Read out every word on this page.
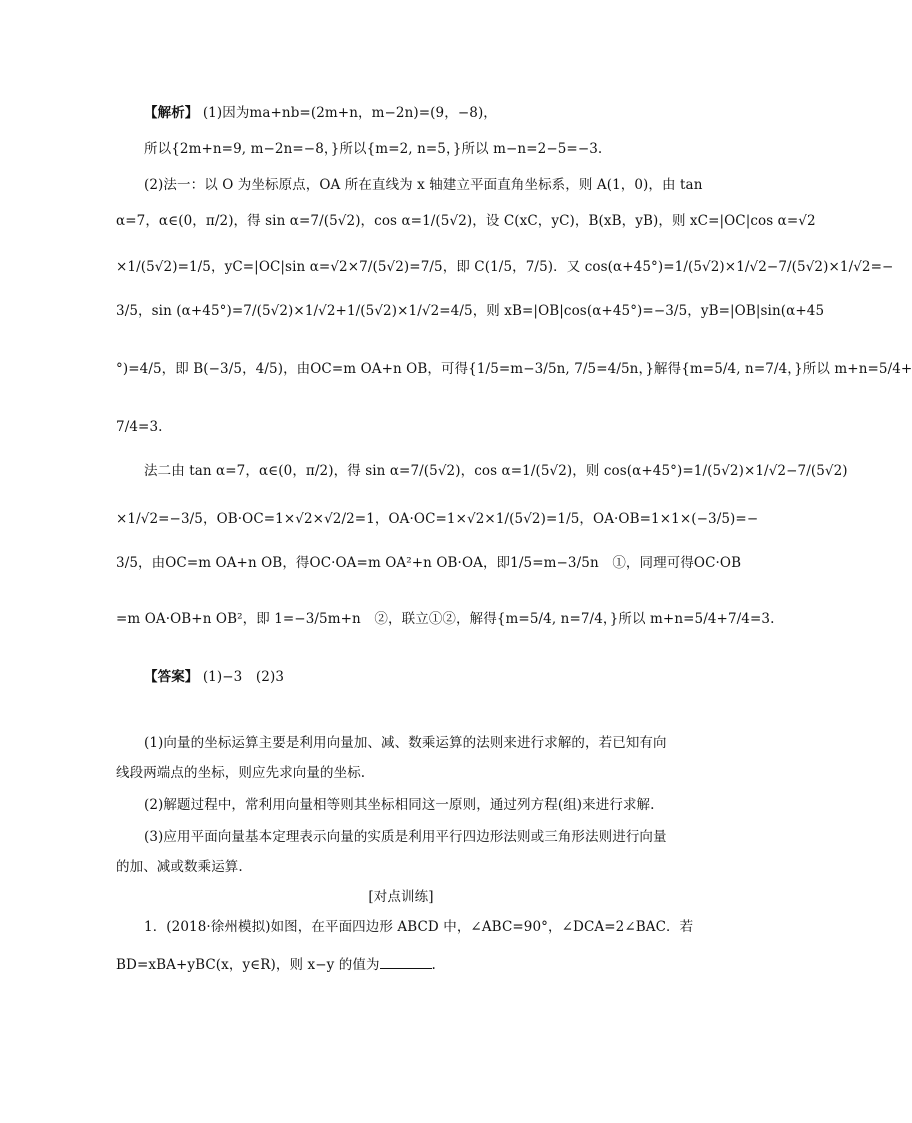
【解析】 (1)因为ma+nb=(2m+n，m−2n)=(9，−8)，
所以{2m+n=9, m−2n=−8，}所以{m=2, n=5，}所以 m−n=2−5=−3.
(2)法一：以 O 为坐标原点，OA 所在直线为 x 轴建立平面直角坐标系，则 A(1，0)，由 tan
α=7，α∈(0，π/2)，得 sin α=7/(5√2)，cos α=1/(5√2)，设 C(xC，yC)，B(xB，yB)，则 xC=|OC|cos α=√2
×1/(5√2)=1/5，yC=|OC|sin α=√2×7/(5√2)=7/5，即 C(1/5，7/5)．又 cos(α+45°)=1/(5√2)×1/√2−7/(5√2)×1/√2=−
3/5，sin (α+45°)=7/(5√2)×1/√2+1/(5√2)×1/√2=4/5，则 xB=|OB|cos(α+45°)=−3/5，yB=|OB|sin(α+45
°)=4/5，即 B(−3/5，4/5)，由OC=m OA+n OB，可得{1/5=m−3/5n, 7/5=4/5n，}解得{m=5/4, n=7/4，}所以 m+n=5/4+
7/4=3.
法二由 tan α=7，α∈(0，π/2)，得 sin α=7/(5√2)，cos α=1/(5√2)，则 cos(α+45°)=1/(5√2)×1/√2−7/(5√2)
×1/√2=−3/5，OB·OC=1×√2×√2/2=1，OA·OC=1×√2×1/(5√2)=1/5，OA·OB=1×1×(−3/5)=−
3/5，由OC=m OA+n OB，得OC·OA=m OA²+n OB·OA，即1/5=m−3/5n　①，同理可得OC·OB
=m OA·OB+n OB²，即 1=−3/5m+n　②，联立①②，解得{m=5/4, n=7/4，}所以 m+n=5/4+7/4=3.
【答案】 (1)−3　(2)3
(1)向量的坐标运算主要是利用向量加、减、数乘运算的法则来进行求解的，若已知有向
线段两端点的坐标，则应先求向量的坐标.
(2)解题过程中，常利用向量相等则其坐标相同这一原则，通过列方程(组)来进行求解.
(3)应用平面向量基本定理表示向量的实质是利用平行四边形法则或三角形法则进行向量
的加、减或数乘运算.
[对点训练]
1．(2018·徐州模拟)如图，在平面四边形 ABCD 中，∠ABC=90°，∠DCA=2∠BAC．若
BD=xBA+yBC(x，y∈R)，则 x−y 的值为	.
